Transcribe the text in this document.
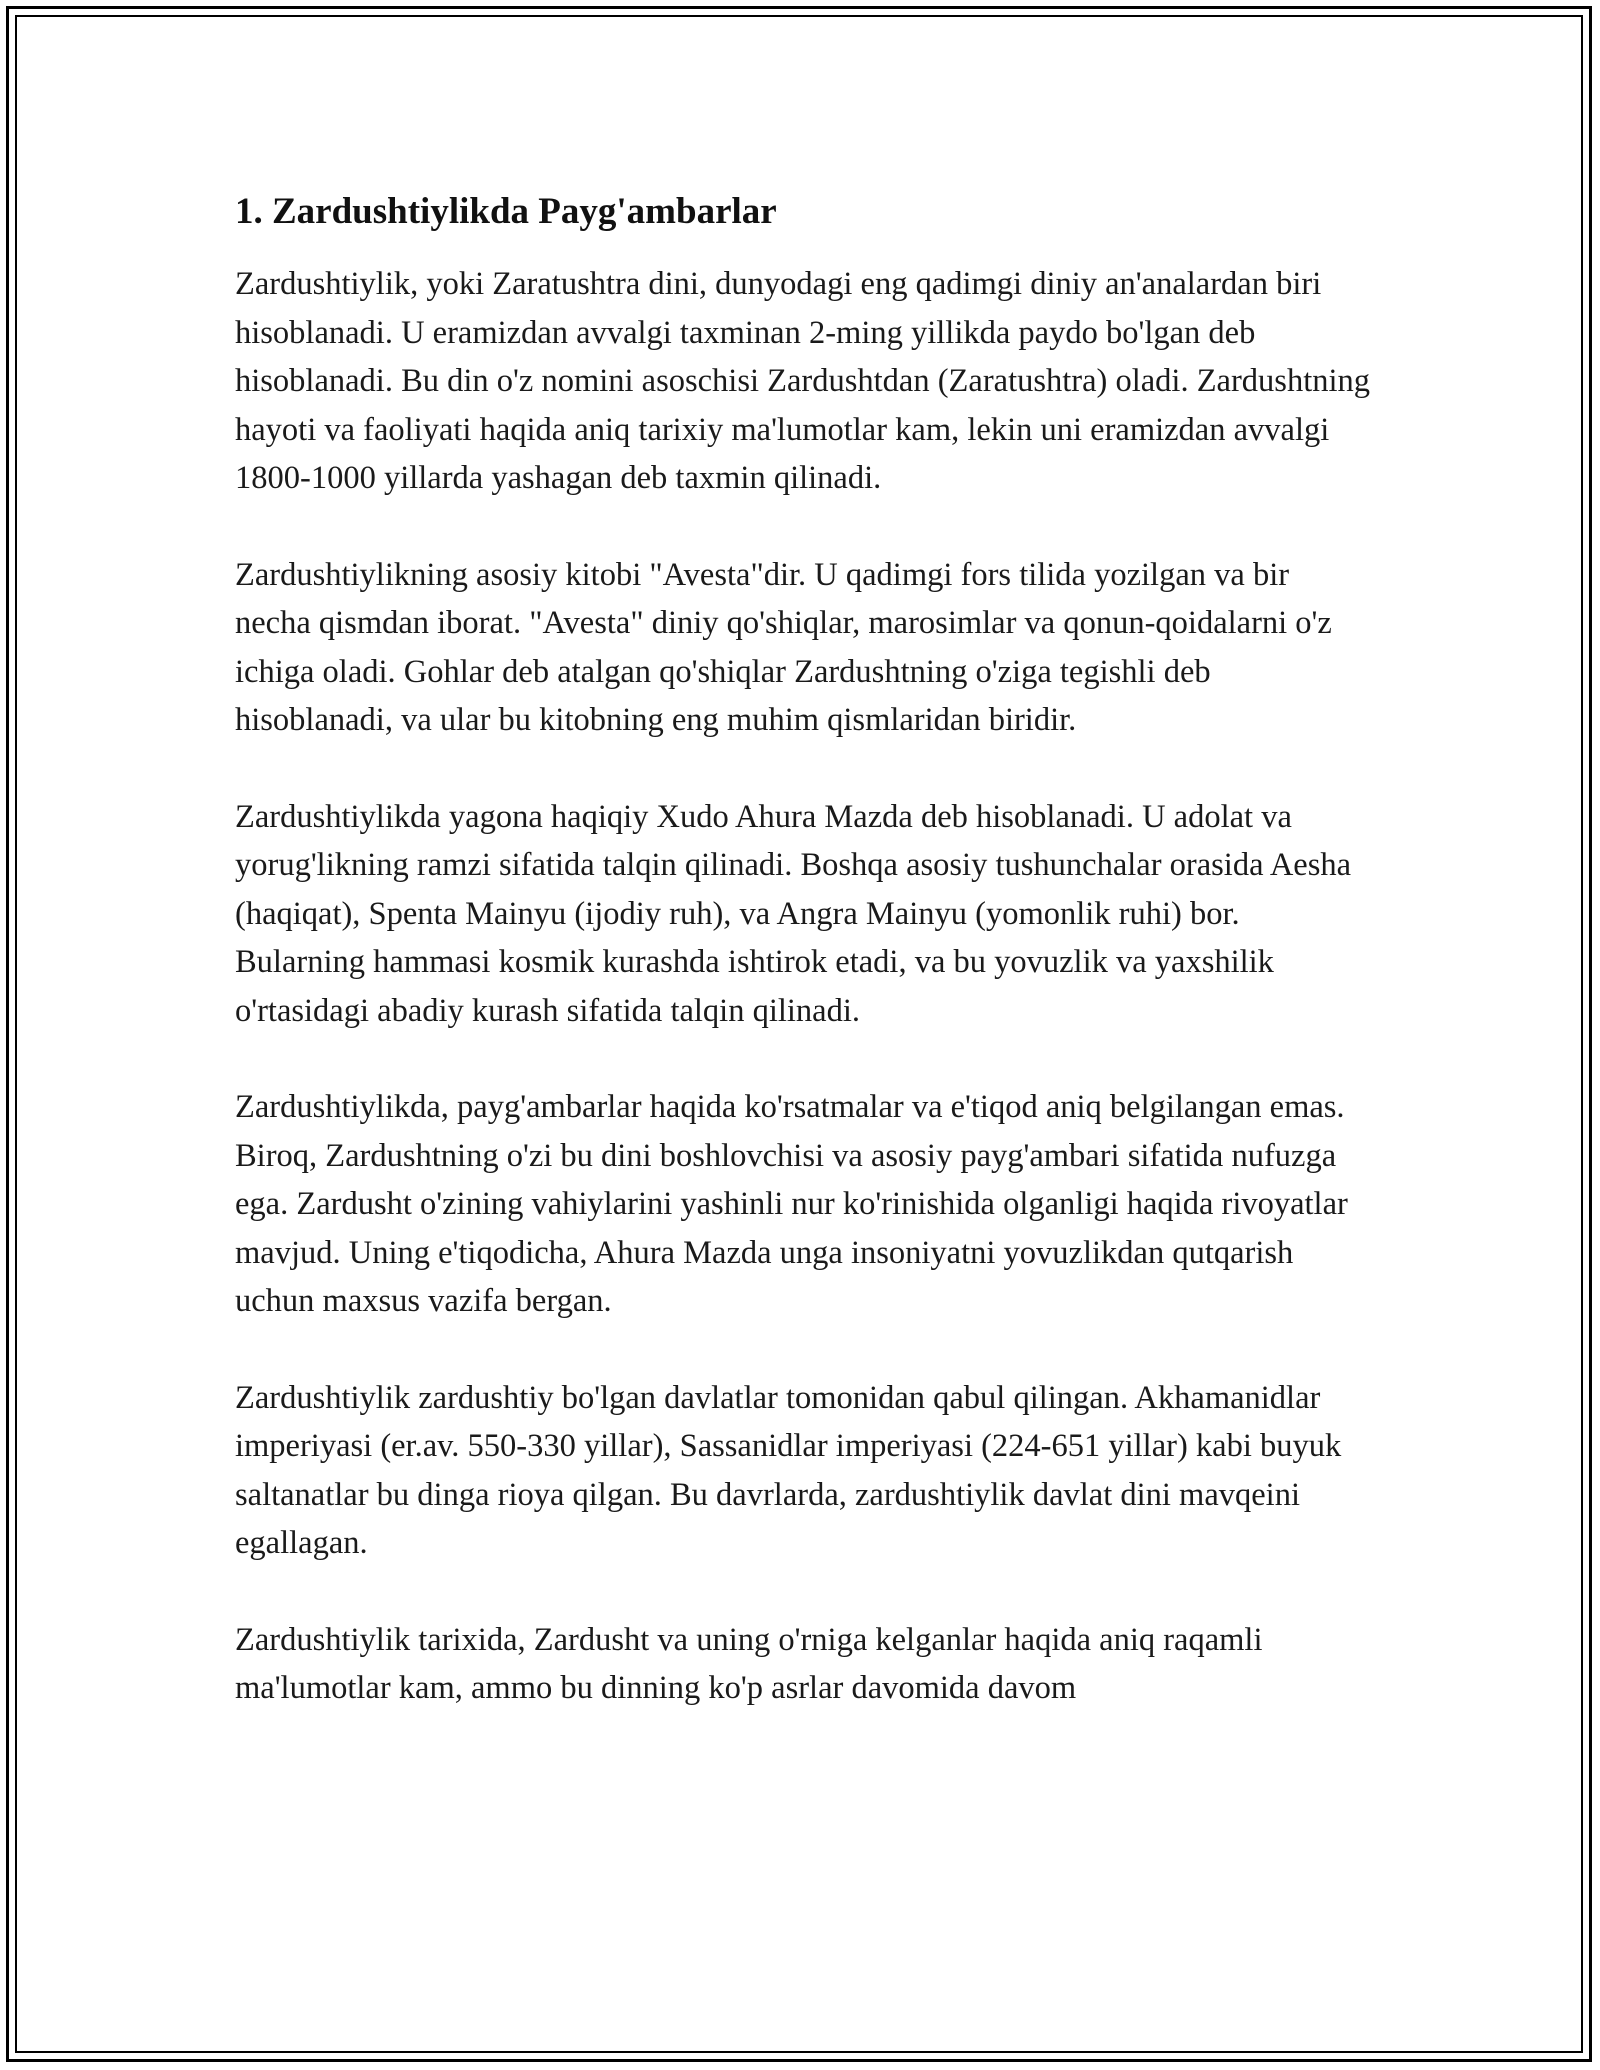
1. Zardushtiylikda Payg'ambarlar

Zardushtiylik, yoki Zaratushtra dini, dunyodagi eng qadimgi diniy an'analardan biri hisoblanadi. U eramizdan avvalgi taxminan 2-ming yillikda paydo bo'lgan deb hisoblanadi. Bu din o'z nomini asoschisi Zardushtdan (Zaratushtra) oladi. Zardushtning hayoti va faoliyati haqida aniq tarixiy ma'lumotlar kam, lekin uni eramizdan avvalgi 1800-1000 yillarda yashagan deb taxmin qilinadi.

Zardushtiylikning asosiy kitobi "Avesta"dir. U qadimgi fors tilida yozilgan va bir necha qismdan iborat. "Avesta" diniy qo'shiqlar, marosimlar va qonun-qoidalarni o'z ichiga oladi. Gohlar deb atalgan qo'shiqlar Zardushtning o'ziga tegishli deb hisoblanadi, va ular bu kitobning eng muhim qismlaridan biridir.

Zardushtiylikda yagona haqiqiy Xudo Ahura Mazda deb hisoblanadi. U adolat va yorug'likning ramzi sifatida talqin qilinadi. Boshqa asosiy tushunchalar orasida Aesha (haqiqat), Spenta Mainyu (ijodiy ruh), va Angra Mainyu (yomonlik ruhi) bor. Bularning hammasi kosmik kurashda ishtirok etadi, va bu yovuzlik va yaxshilik o'rtasidagi abadiy kurash sifatida talqin qilinadi.

Zardushtiylikda, payg'ambarlar haqida ko'rsatmalar va e'tiqod aniq belgilangan emas. Biroq, Zardushtning o'zi bu dini boshlovchisi va asosiy payg'ambari sifatida nufuzga ega. Zardusht o'zining vahiylarini yashinli nur ko'rinishida olganligi haqida rivoyatlar mavjud. Uning e'tiqodicha, Ahura Mazda unga insoniyatni yovuzlikdan qutqarish uchun maxsus vazifa bergan.

Zardushtiylik zardushtiy bo'lgan davlatlar tomonidan qabul qilingan. Akhamanidlar imperiyasi (er.av. 550-330 yillar), Sassanidlar imperiyasi (224-651 yillar) kabi buyuk saltanatlar bu dinga rioya qilgan. Bu davrlarda, zardushtiylik davlat dini mavqeini egallagan.

Zardushtiylik tarixida, Zardusht va uning o'rniga kelganlar haqida aniq raqamli ma'lumotlar kam, ammo bu dinning ko'p asrlar davomida davom
